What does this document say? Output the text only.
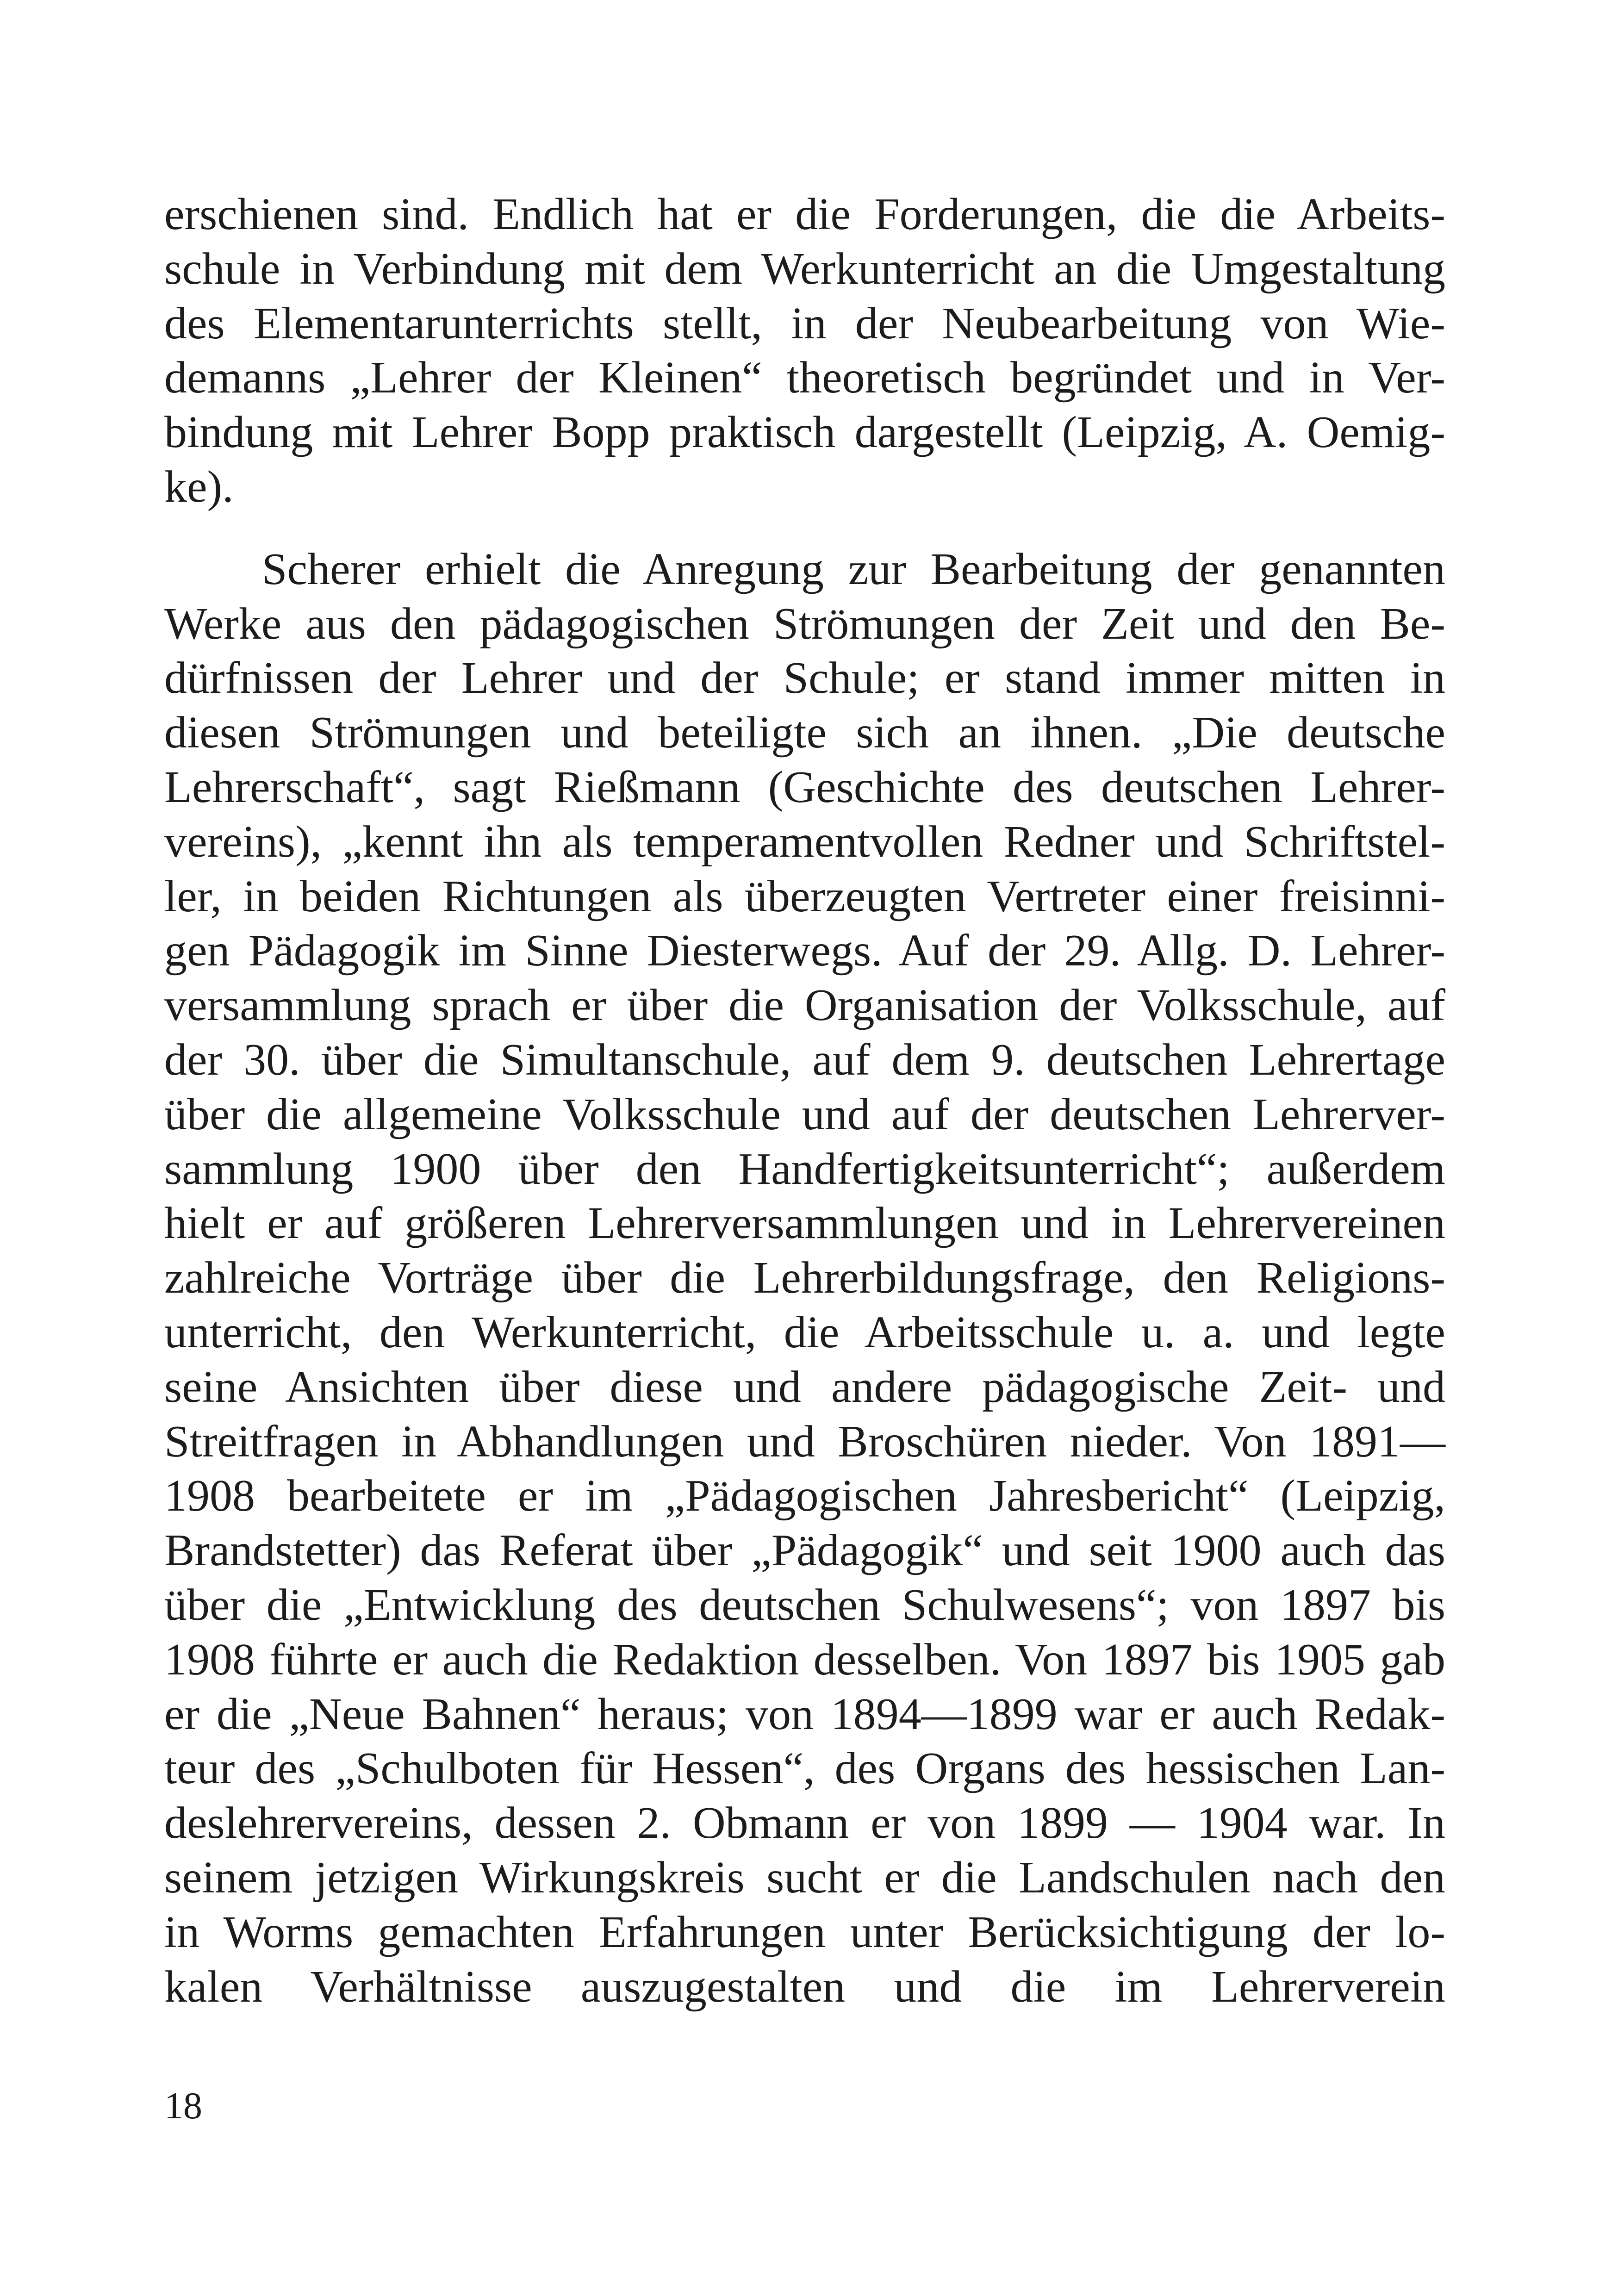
erschienen sind. Endlich hat er die Forderungen, die die Arbeits-
schule in Verbindung mit dem Werkunterricht an die Umgestaltung
des Elementarunterrichts stellt, in der Neubearbeitung von Wie-
demanns „Lehrer der Kleinen“ theoretisch begründet und in Ver-
bindung mit Lehrer Bopp praktisch dargestellt (Leipzig, A. Oemig-
ke).
Scherer erhielt die Anregung zur Bearbeitung der genannten
Werke aus den pädagogischen Strömungen der Zeit und den Be-
dürfnissen der Lehrer und der Schule; er stand immer mitten in
diesen Strömungen und beteiligte sich an ihnen. „Die deutsche
Lehrerschaft“, sagt Rießmann (Geschichte des deutschen Lehrer-
vereins), „kennt ihn als temperamentvollen Redner und Schriftstel-
ler, in beiden Richtungen als überzeugten Vertreter einer freisinni-
gen Pädagogik im Sinne Diesterwegs. Auf der 29. Allg. D. Lehrer-
versammlung sprach er über die Organisation der Volksschule, auf
der 30. über die Simultanschule, auf dem 9. deutschen Lehrertage
über die allgemeine Volksschule und auf der deutschen Lehrerver-
sammlung 1900 über den Handfertigkeitsunterricht“; außerdem
hielt er auf größeren Lehrerversammlungen und in Lehrervereinen
zahlreiche Vorträge über die Lehrerbildungsfrage, den Religions-
unterricht, den Werkunterricht, die Arbeitsschule u. a. und legte
seine Ansichten über diese und andere pädagogische Zeit- und
Streitfragen in Abhandlungen und Broschüren nieder. Von 1891—
1908 bearbeitete er im „Pädagogischen Jahresbericht“ (Leipzig,
Brandstetter) das Referat über „Pädagogik“ und seit 1900 auch das
über die „Entwicklung des deutschen Schulwesens“; von 1897 bis
1908 führte er auch die Redaktion desselben. Von 1897 bis 1905 gab
er die „Neue Bahnen“ heraus; von 1894—1899 war er auch Redak-
teur des „Schulboten für Hessen“, des Organs des hessischen Lan-
deslehrervereins, dessen 2. Obmann er von 1899 — 1904 war. In
seinem jetzigen Wirkungskreis sucht er die Landschulen nach den
in Worms gemachten Erfahrungen unter Berücksichtigung der lo-
kalen Verhältnisse auszugestalten und die im Lehrerverein
18
